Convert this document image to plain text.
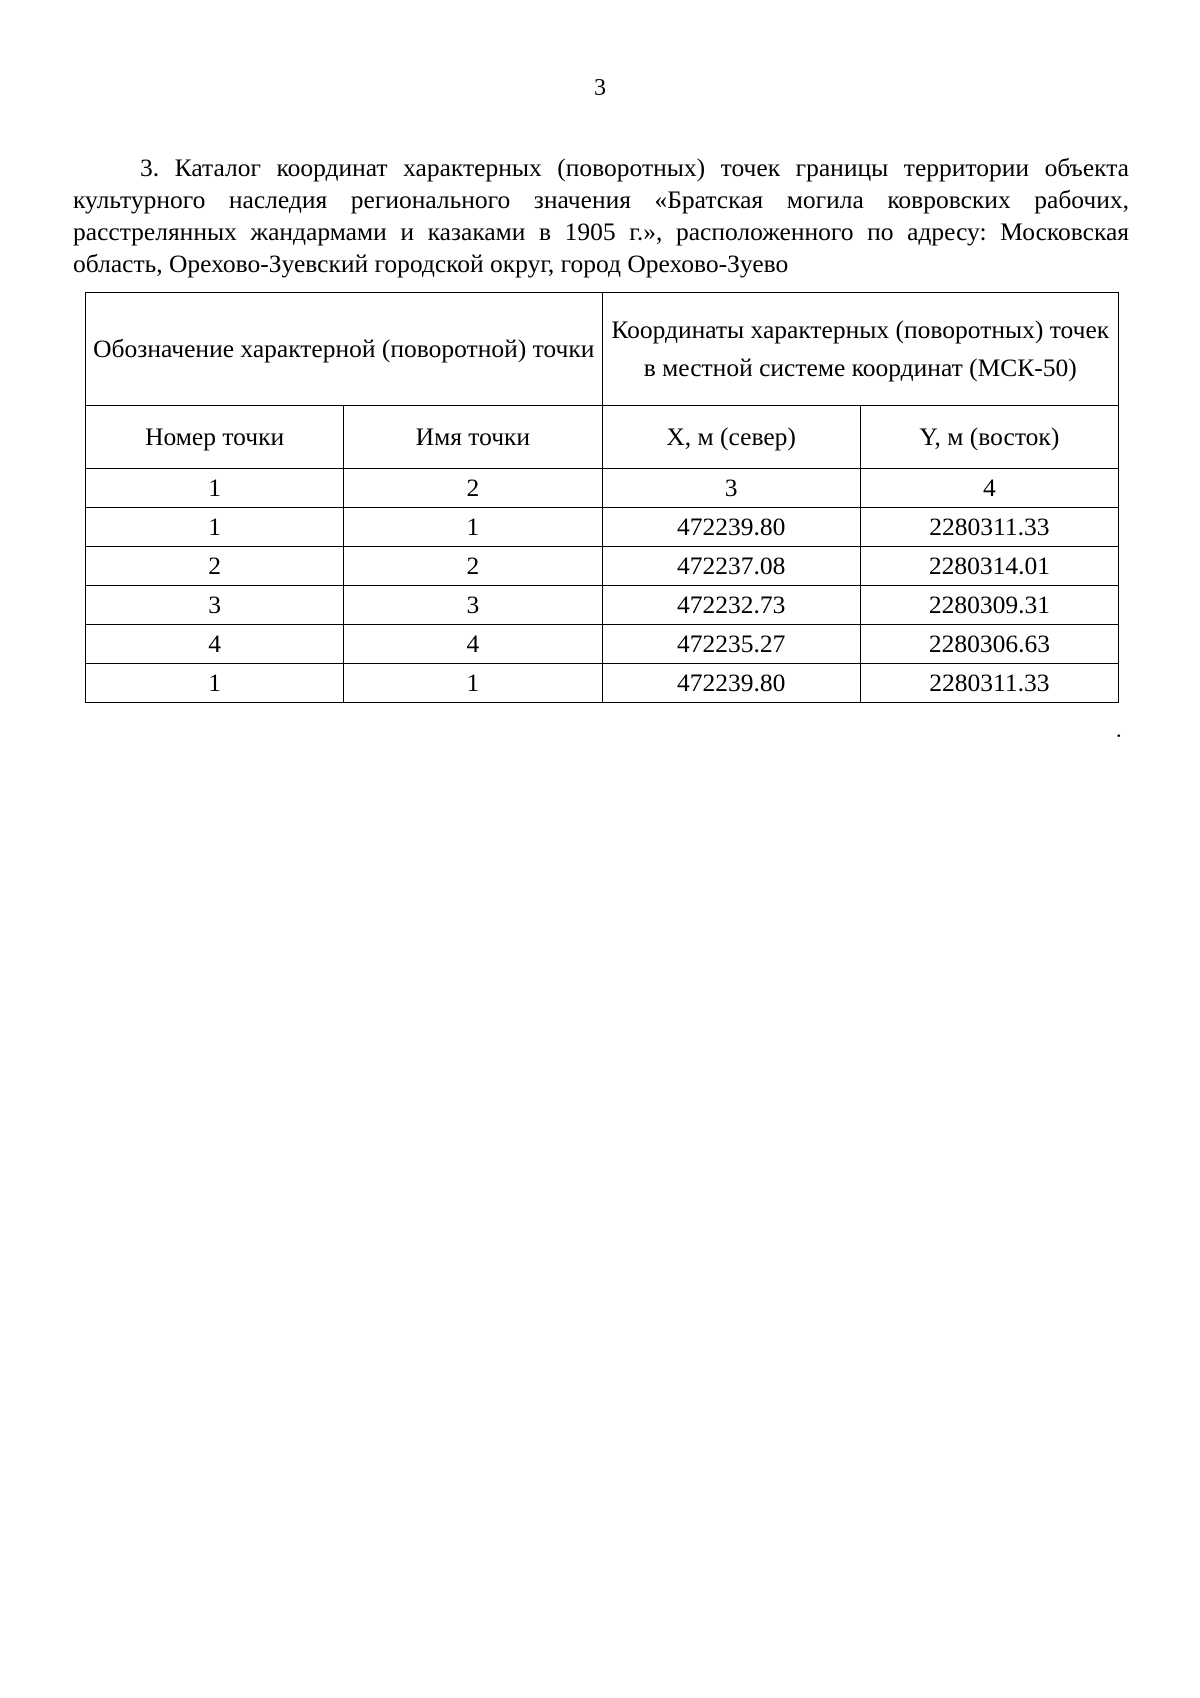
3

3. Каталог координат характерных (поворотных) точек границы территории объекта культурного наследия регионального значения «Братская могила ковровских рабочих, расстрелянных жандармами и казаками в 1905 г.», расположенного по адресу: Московская область, Орехово-Зуевский городской округ, город Орехово-Зуево

Обозначение характерной (поворотной) точки		Координаты характерных (поворотных) точек в местной системе координат (МСК-50)	
Номер точки	Имя точки	X, м (север)	Y, м (восток)
1	2	3	4
1	1	472239.80	2280311.33
2	2	472237.08	2280314.01
3	3	472232.73	2280309.31
4	4	472235.27	2280306.63
1	1	472239.80	2280311.33
.
